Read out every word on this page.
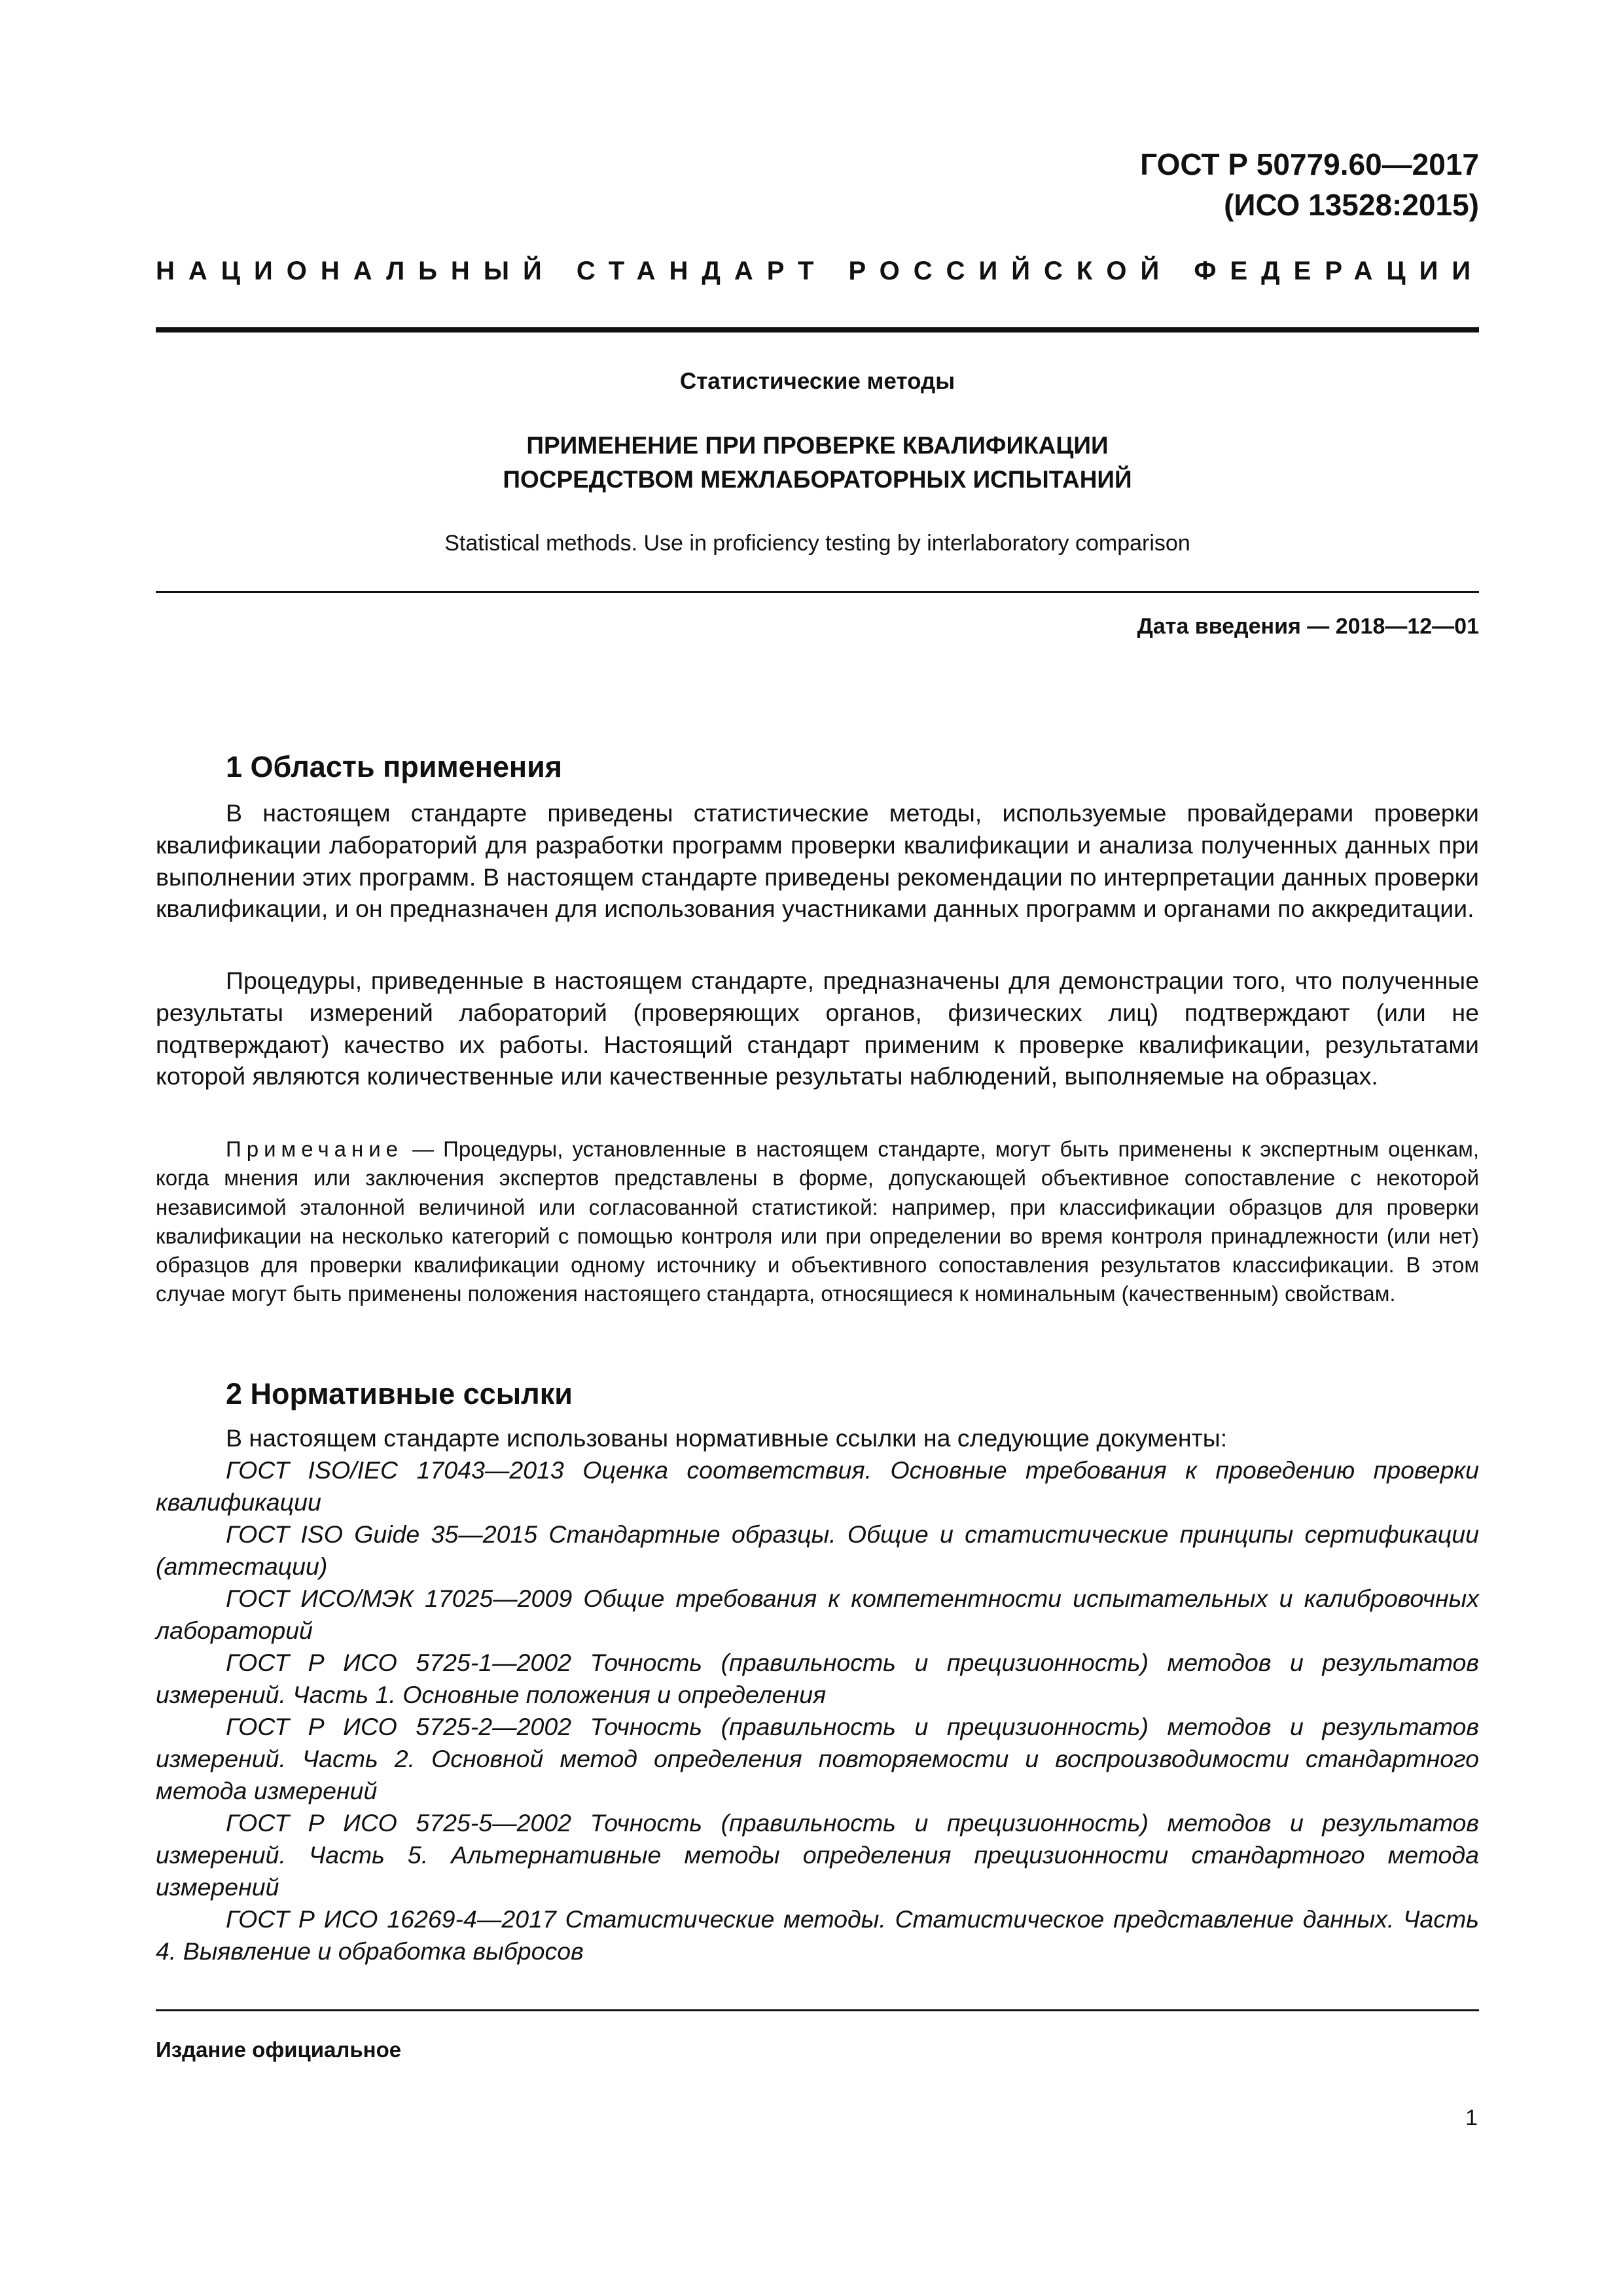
ГОСТ Р 50779.60—2017
(ИСО 13528:2015)
НАЦИОНАЛЬНЫЙ СТАНДАРТ РОССИЙСКОЙ ФЕДЕРАЦИИ
Статистические методы
ПРИМЕНЕНИЕ ПРИ ПРОВЕРКЕ КВАЛИФИКАЦИИ
ПОСРЕДСТВОМ МЕЖЛАБОРАТОРНЫХ ИСПЫТАНИЙ
Statistical methods. Use in proficiency testing by interlaboratory comparison
Дата введения — 2018—12—01
1 Область применения

В настоящем стандарте приведены статистические методы, используемые провайдерами проверки квалификации лабораторий для разработки программ проверки квалификации и анализа полученных данных при выполнении этих программ. В настоящем стандарте приведены рекомендации по интерпретации данных проверки квалификации, и он предназначен для использования участниками данных программ и органами по аккредитации.

Процедуры, приведенные в настоящем стандарте, предназначены для демонстрации того, что полученные результаты измерений лабораторий (проверяющих органов, физических лиц) подтверждают (или не подтверждают) качество их работы. Настоящий стандарт применим к проверке квалификации, результатами которой являются количественные или качественные результаты наблюдений, выполняемые на образцах.

Примечание — Процедуры, установленные в настоящем стандарте, могут быть применены к экспертным оценкам, когда мнения или заключения экспертов представлены в форме, допускающей объективное сопоставление с некоторой независимой эталонной величиной или согласованной статистикой: например, при классификации образцов для проверки квалификации на несколько категорий с помощью контроля или при определении во время контроля принадлежности (или нет) образцов для проверки квалификации одному источнику и объективного сопоставления результатов классификации. В этом случае могут быть применены положения настоящего стандарта, относящиеся к номинальным (качественным) свойствам.

2 Нормативные ссылки

В настоящем стандарте использованы нормативные ссылки на следующие документы:

ГОСТ ISO/IEC 17043—2013 Оценка соответствия. Основные требования к проведению проверки квалификации

ГОСТ ISO Guide 35—2015 Стандартные образцы. Общие и статистические принципы сертификации (аттестации)

ГОСТ ИСО/МЭК 17025—2009 Общие требования к компетентности испытательных и калибровочных лабораторий

ГОСТ Р ИСО 5725-1—2002 Точность (правильность и прецизионность) методов и результатов измерений. Часть 1. Основные положения и определения

ГОСТ Р ИСО 5725-2—2002 Точность (правильность и прецизионность) методов и результатов измерений. Часть 2. Основной метод определения повторяемости и воспроизводимости стандартного метода измерений

ГОСТ Р ИСО 5725-5—2002 Точность (правильность и прецизионность) методов и результатов измерений. Часть 5. Альтернативные методы определения прецизионности стандартного метода измерений

ГОСТ Р ИСО 16269-4—2017 Статистические методы. Статистическое представление данных. Часть 4. Выявление и обработка выбросов

Издание официальное
1
